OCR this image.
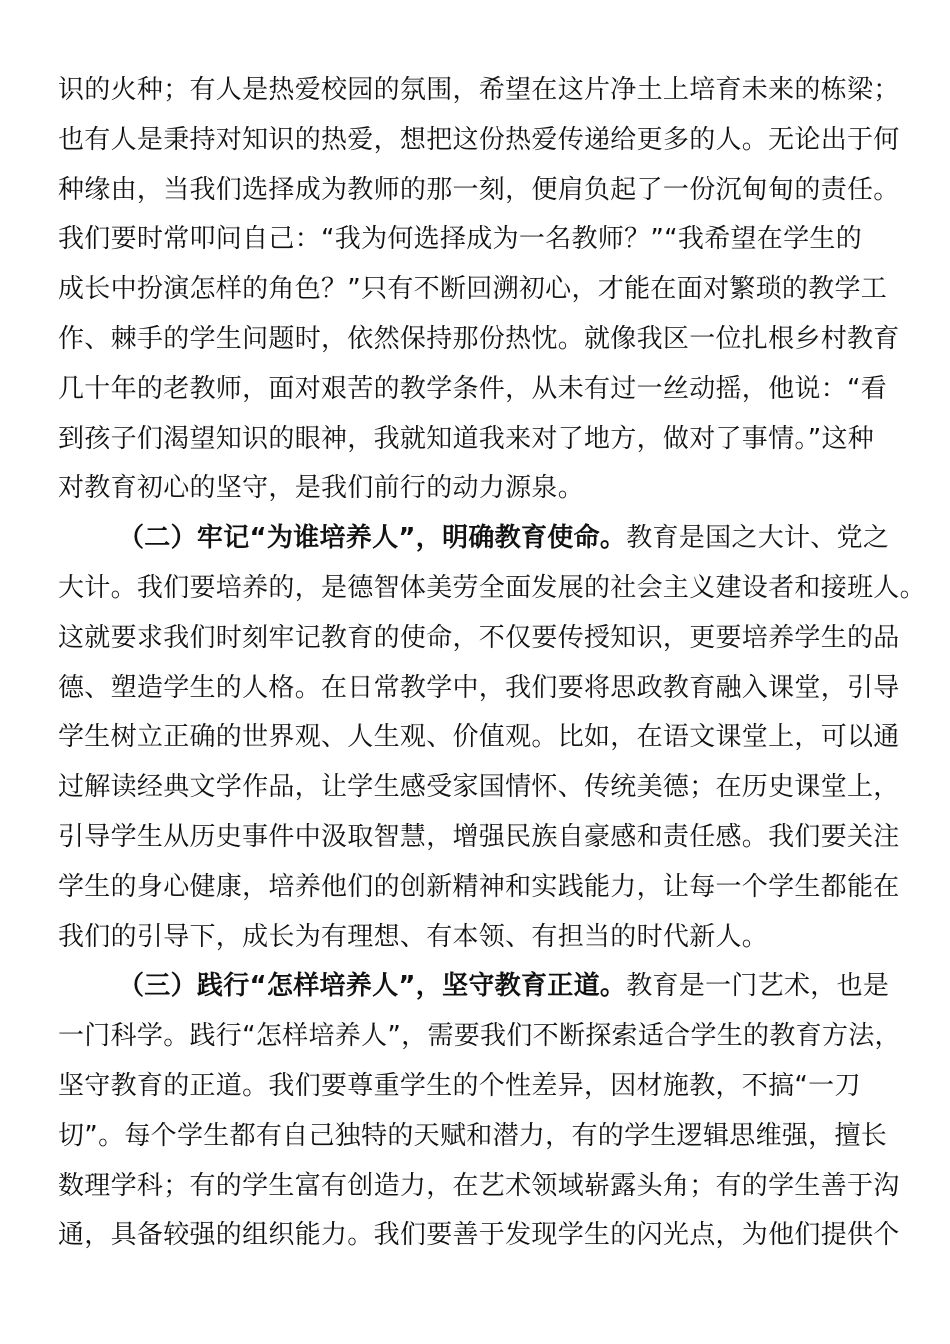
识的火种；有人是热爱校园的氛围，希望在这片净土上培育未来的栋梁；
也有人是秉持对知识的热爱，想把这份热爱传递给更多的人。无论出于何
种缘由，当我们选择成为教师的那一刻，便肩负起了一份沉甸甸的责任。
我们要时常叩问自己：“我为何选择成为一名教师？”“我希望在学生的
成长中扮演怎样的角色？”只有不断回溯初心，才能在面对繁琐的教学工
作、棘手的学生问题时，依然保持那份热忱。就像我区一位扎根乡村教育
几十年的老教师，面对艰苦的教学条件，从未有过一丝动摇，他说：“看
到孩子们渴望知识的眼神，我就知道我来对了地方，做对了事情。”这种
对教育初心的坚守，是我们前行的动力源泉。
（二）牢记“为谁培养人”，明确教育使命。教育是国之大计、党之
大计。我们要培养的，是德智体美劳全面发展的社会主义建设者和接班人。
这就要求我们时刻牢记教育的使命，不仅要传授知识，更要培养学生的品
德、塑造学生的人格。在日常教学中，我们要将思政教育融入课堂，引导
学生树立正确的世界观、人生观、价值观。比如，在语文课堂上，可以通
过解读经典文学作品，让学生感受家国情怀、传统美德；在历史课堂上，
引导学生从历史事件中汲取智慧，增强民族自豪感和责任感。我们要关注
学生的身心健康，培养他们的创新精神和实践能力，让每一个学生都能在
我们的引导下，成长为有理想、有本领、有担当的时代新人。
（三）践行“怎样培养人”，坚守教育正道。教育是一门艺术，也是
一门科学。践行“怎样培养人”，需要我们不断探索适合学生的教育方法，
坚守教育的正道。我们要尊重学生的个性差异，因材施教，不搞“一刀
切”。每个学生都有自己独特的天赋和潜力，有的学生逻辑思维强，擅长
数理学科；有的学生富有创造力，在艺术领域崭露头角；有的学生善于沟
通，具备较强的组织能力。我们要善于发现学生的闪光点，为他们提供个
